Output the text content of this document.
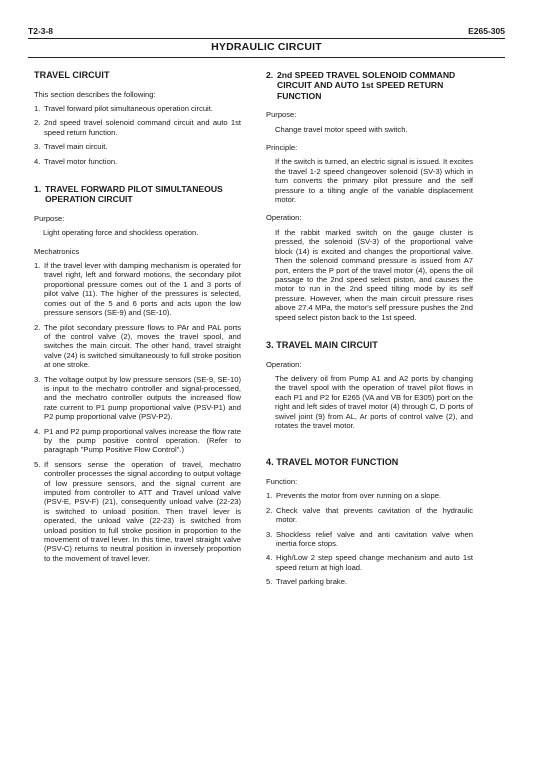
T2-3-8	E265-305
HYDRAULIC CIRCUIT
TRAVEL CIRCUIT
This section describes the following:
1. Travel forward pilot simultaneous operation circuit.
2. 2nd speed travel solenoid command circuit and auto 1st speed return function.
3. Travel main circuit.
4. Travel motor function.
1. TRAVEL FORWARD PILOT SIMULTANEOUS OPERATION CIRCUIT
Purpose:
Light operating force and shockless operation.
Mechatronics
1. If the travel lever with damping mechanism is operated for travel right, left and forward motions, the secondary pilot proportional pressure comes out of the 1 and 3 ports of pilot valve (11). The higher of the pressures is selected, comes out of the 5 and 6 ports and acts upon the low pressure sensors (SE-9) and (SE-10).
2. The pilot secondary pressure flows to PAr and PAL ports of the control valve (2), moves the travel spool, and switches the main circuit. The other hand, travel straight valve (24) is switched simultaneously to full stroke position at one stroke.
3. The voltage output by low pressure sensors (SE-9, SE-10) is input to the mechatro controller and signal-processed, and the mechatro controller outputs the increased flow rate current to P1 pump proportional valve (PSV-P1) and P2 pump proportional valve (PSV-P2).
4. P1 and P2 pump proportional valves increase the flow rate by the pump positive control operation. (Refer to paragraph "Pump Positive Flow Control".)
5. If sensors sense the operation of travel, mechatro controller processes the signal according to output voltage of low pressure sensors, and the signal current are imputed from controller to ATT and Travel unload valve (PSV-E, PSV-F) (21), consequently unload valve (22-23) is switched to unload position. Then travel lever is operated, the unload valve (22-23) is switched from unload position to full stroke position in proportion to the movement of travel lever. In this time, travel straight valve (PSV-C) returns to neutral position in inversely proportion to the movement of travel lever.
2. 2nd SPEED TRAVEL SOLENOID COMMAND CIRCUIT AND AUTO 1st SPEED RETURN FUNCTION
Purpose:
Change travel motor speed with switch.
Principle:
If the switch is turned, an electric signal is issued. It excites the travel 1-2 speed changeover solenoid (SV-3) which in turn converts the primary pilot pressure and the self pressure to a tilting angle of the variable displacement motor.
Operation:
If the rabbit marked switch on the gauge cluster is pressed, the solenoid (SV-3) of the proportional valve block (14) is excited and changes the proportional valve. Then the solenoid command pressure is issued from A7 port, enters the P port of the travel motor (4), opens the oil passage to the 2nd speed select piston, and causes the motor to run in the 2nd speed tilting mode by its self pressure. However, when the main circuit pressure rises above 27.4 MPa, the motor's self pressure pushes the 2nd speed select piston back to the 1st speed.
3. TRAVEL MAIN CIRCUIT
Operation:
The delivery oil from Pump A1 and A2 ports by changing the travel spool with the operation of travel pilot flows in each P1 and P2 for E265 (VA and VB for E305) port on the right and left sides of travel motor (4) through C, D ports of swivel joint (9) from AL, Ar ports of control valve (2), and rotates the travel motor.
4. TRAVEL MOTOR FUNCTION
Function:
1. Prevents the motor from over running on a slope.
2. Check valve that prevents cavitation of the hydraulic motor.
3. Shockless relief valve and anti cavitation valve when inertia force stops.
4. High/Low 2 step speed change mechanism and auto 1st speed return at high load.
5. Travel parking brake.
